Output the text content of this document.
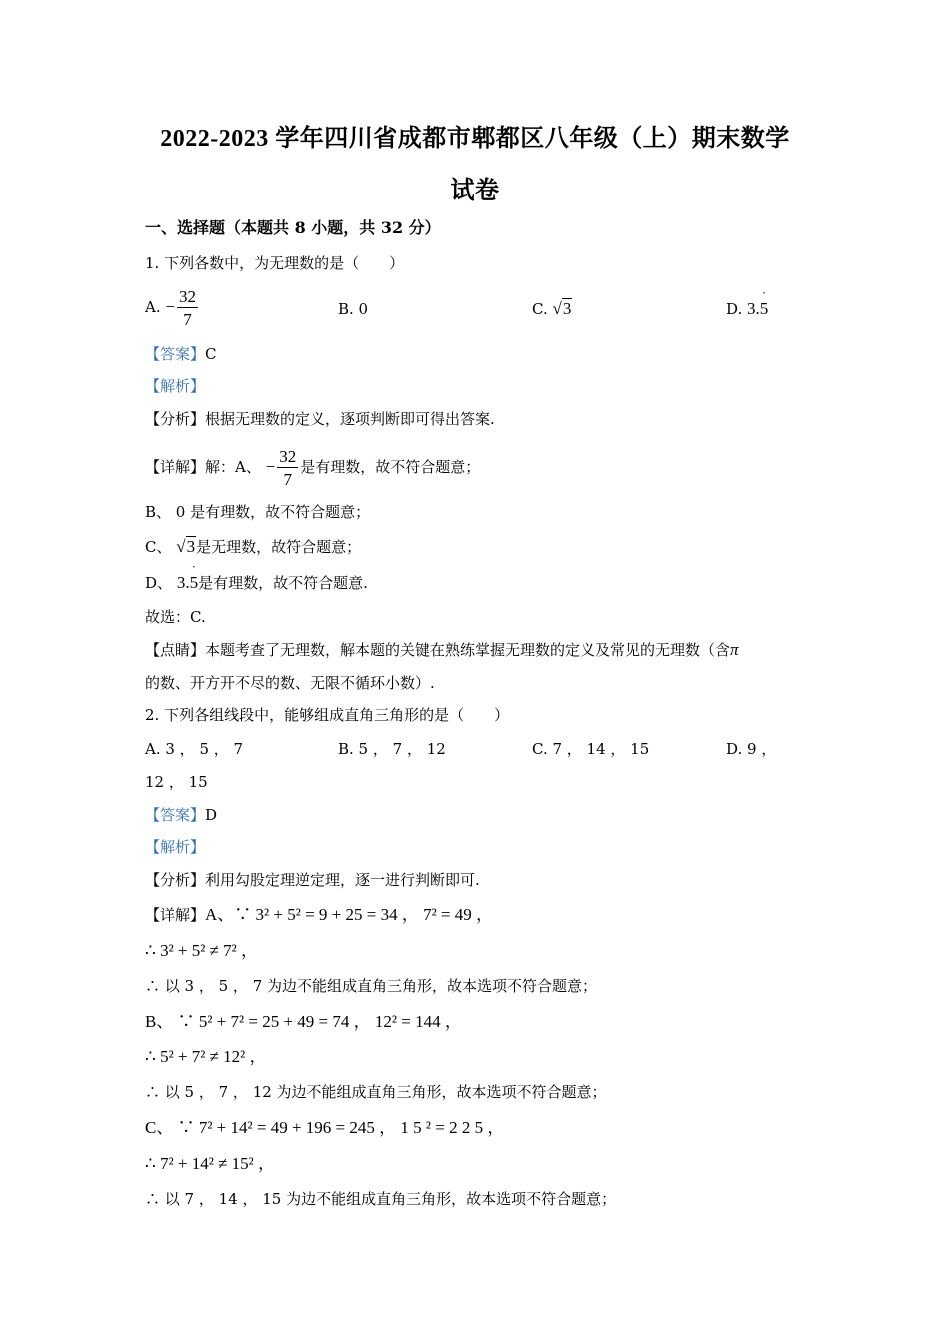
2022-2023 学年四川省成都市郫都区八年级（上）期末数学
试卷
一、选择题（本题共 8 小题，共 32 分）
1. 下列各数中，为无理数的是（　　）
A. − $\frac{32}{7}$	B. 0	C. √3	D. 3.5 ˙
【答案】C
【解析】
【分析】根据无理数的定义，逐项判断即可得出答案.
【详解】解：A、 − $\frac{32}{7}$ 是有理数，故不符合题意；
B、 0 是有理数，故不符合题意；
C、 √3是无理数，故符合题意；
D、 3.5 ˙是有理数，故不符合题意.
故选：C.
【点睛】本题考查了无理数，解本题的关键在熟练掌握无理数的定义及常见的无理数（含π
的数、开方开不尽的数、无限不循环小数）.
2. 下列各组线段中，能够组成直角三角形的是（　　）
A. 3 ， 5 ， 7	B. 5 ， 7 ， 12	C. 7 ， 14 ， 15	D. 9 ，
12 ， 15
【答案】D
【解析】
【分析】利用勾股定理逆定理，逐一进行判断即可.
【详解】A、∵ 3² + 5² = 9 + 25 = 34 ， 7² = 49 ，
∴ 3² + 5² ≠ 7² ，
∴ 以 3 ， 5 ， 7 为边不能组成直角三角形，故本选项不符合题意；
B、 ∵ 5² + 7² = 25 + 49 = 74 ， 12² = 144 ，
∴ 5² + 7² ≠ 12² ，
∴ 以 5 ， 7 ， 12 为边不能组成直角三角形，故本选项不符合题意；
C、 ∵ 7² + 14² = 49 + 196 = 245 ， 1 5 ² = 2 2 5 ，
∴ 7² + 14² ≠ 15² ，
∴ 以 7 ， 14 ， 15 为边不能组成直角三角形，故本选项不符合题意；
